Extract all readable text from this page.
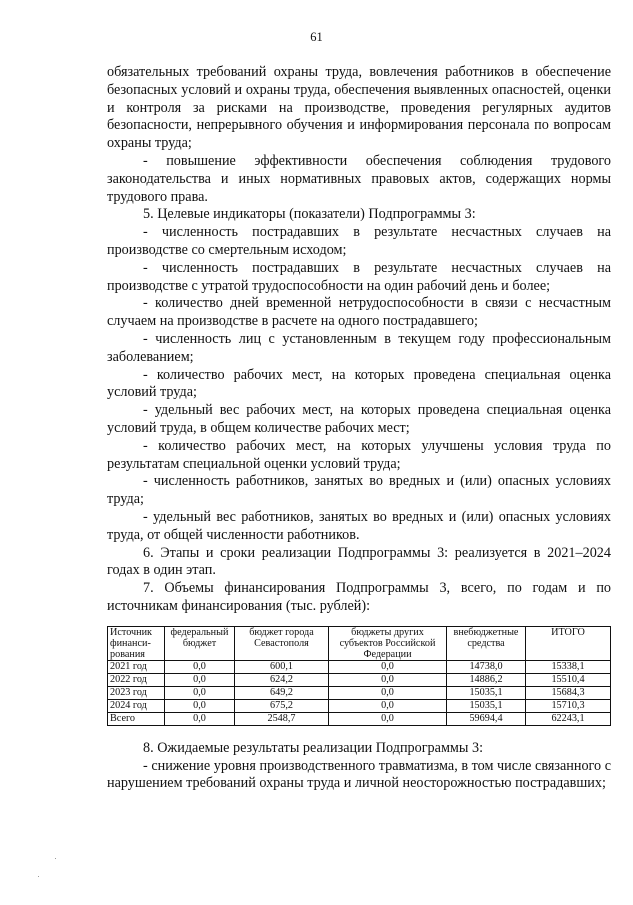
61

обязательных требований охраны труда, вовлечения работников в обеспечение безопасных условий и охраны труда, обеспечения выявленных опасностей, оценки и контроля за рисками на производстве, проведения регулярных аудитов безопасности, непрерывного обучения и информирования персонала по вопросам охраны труда;

- повышение эффективности обеспечения соблюдения трудового законодательства и иных нормативных правовых актов, содержащих нормы трудового права.

5. Целевые индикаторы (показатели) Подпрограммы 3:

- численность пострадавших в результате несчастных случаев на производстве со смертельным исходом;

- численность пострадавших в результате несчастных случаев на производстве с утратой трудоспособности на один рабочий день и более;

- количество дней временной нетрудоспособности в связи с несчастным случаем на производстве в расчете на одного пострадавшего;

- численность лиц с установленным в текущем году профессиональным заболеванием;

- количество рабочих мест, на которых проведена специальная оценка условий труда;

- удельный вес рабочих мест, на которых проведена специальная оценка условий труда, в общем количестве рабочих мест;

- количество рабочих мест, на которых улучшены условия труда по результатам специальной оценки условий труда;

- численность работников, занятых во вредных и (или) опасных условиях труда;

- удельный вес работников, занятых во вредных и (или) опасных условиях труда, от общей численности работников.

6. Этапы и сроки реализации Подпрограммы 3: реализуется в 2021–2024 годах в один этап.

7. Объемы финансирования Подпрограммы 3, всего, по годам и по источникам финансирования (тыс. рублей):

Источник финанси-рования	федеральный бюджет	бюджет города Севастополя	бюджеты других субъектов Российской Федерации	внебюджетные средства	ИТОГО
2021 год	0,0	600,1	0,0	14738,0	15338,1
2022 год	0,0	624,2	0,0	14886,2	15510,4
2023 год	0,0	649,2	0,0	15035,1	15684,3
2024 год	0,0	675,2	0,0	15035,1	15710,3
Всего	0,0	2548,7	0,0	59694,4	62243,1

8. Ожидаемые результаты реализации Подпрограммы 3:

- снижение уровня производственного травматизма, в том числе связанного с нарушением требований охраны труда и личной неосторожностью пострадавших;
